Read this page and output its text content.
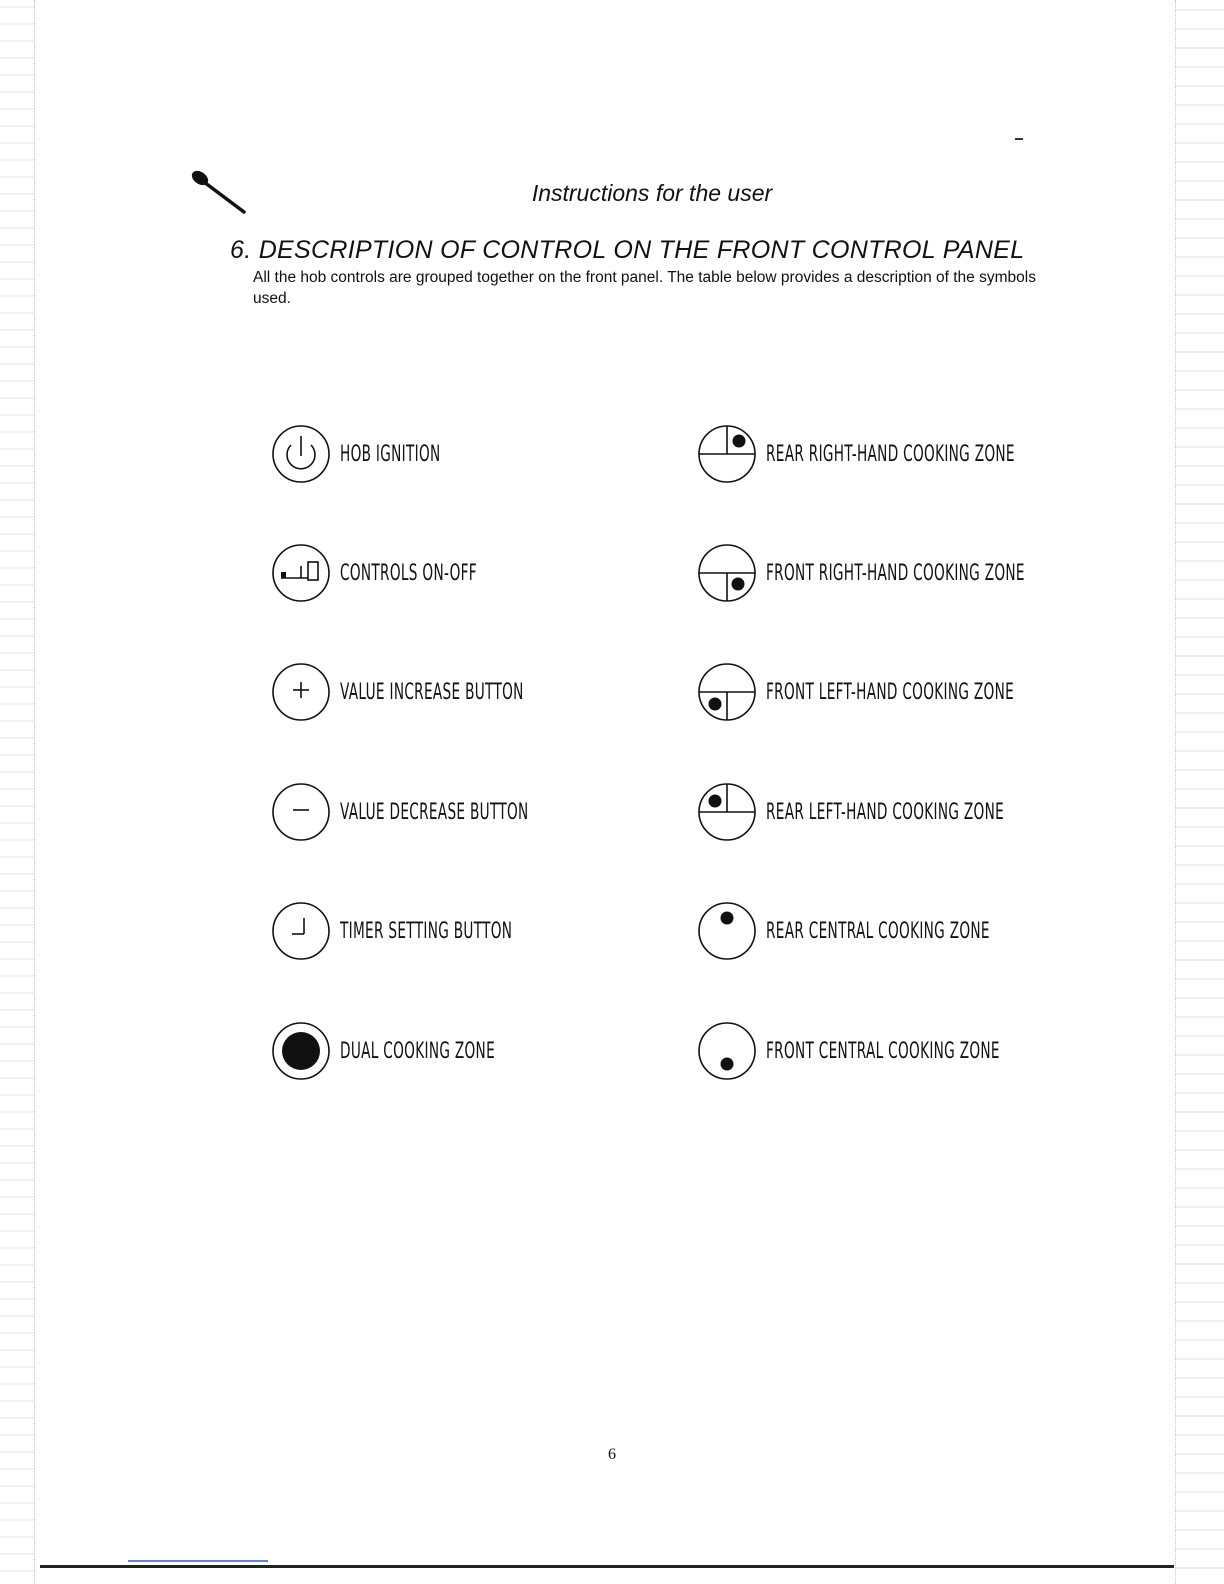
Instructions for the user
6. DESCRIPTION OF CONTROL ON THE FRONT CONTROL PANEL
All the hob controls are grouped together on the front panel. The table below provides a description of the symbols used.
HOB IGNITION
CONTROLS ON-OFF
VALUE INCREASE BUTTON
VALUE DECREASE BUTTON
TIMER SETTING BUTTON
DUAL COOKING ZONE
REAR RIGHT-HAND COOKING ZONE
FRONT RIGHT-HAND COOKING ZONE
FRONT LEFT-HAND COOKING ZONE
REAR LEFT-HAND COOKING ZONE
REAR CENTRAL COOKING ZONE
FRONT CENTRAL COOKING ZONE
6
